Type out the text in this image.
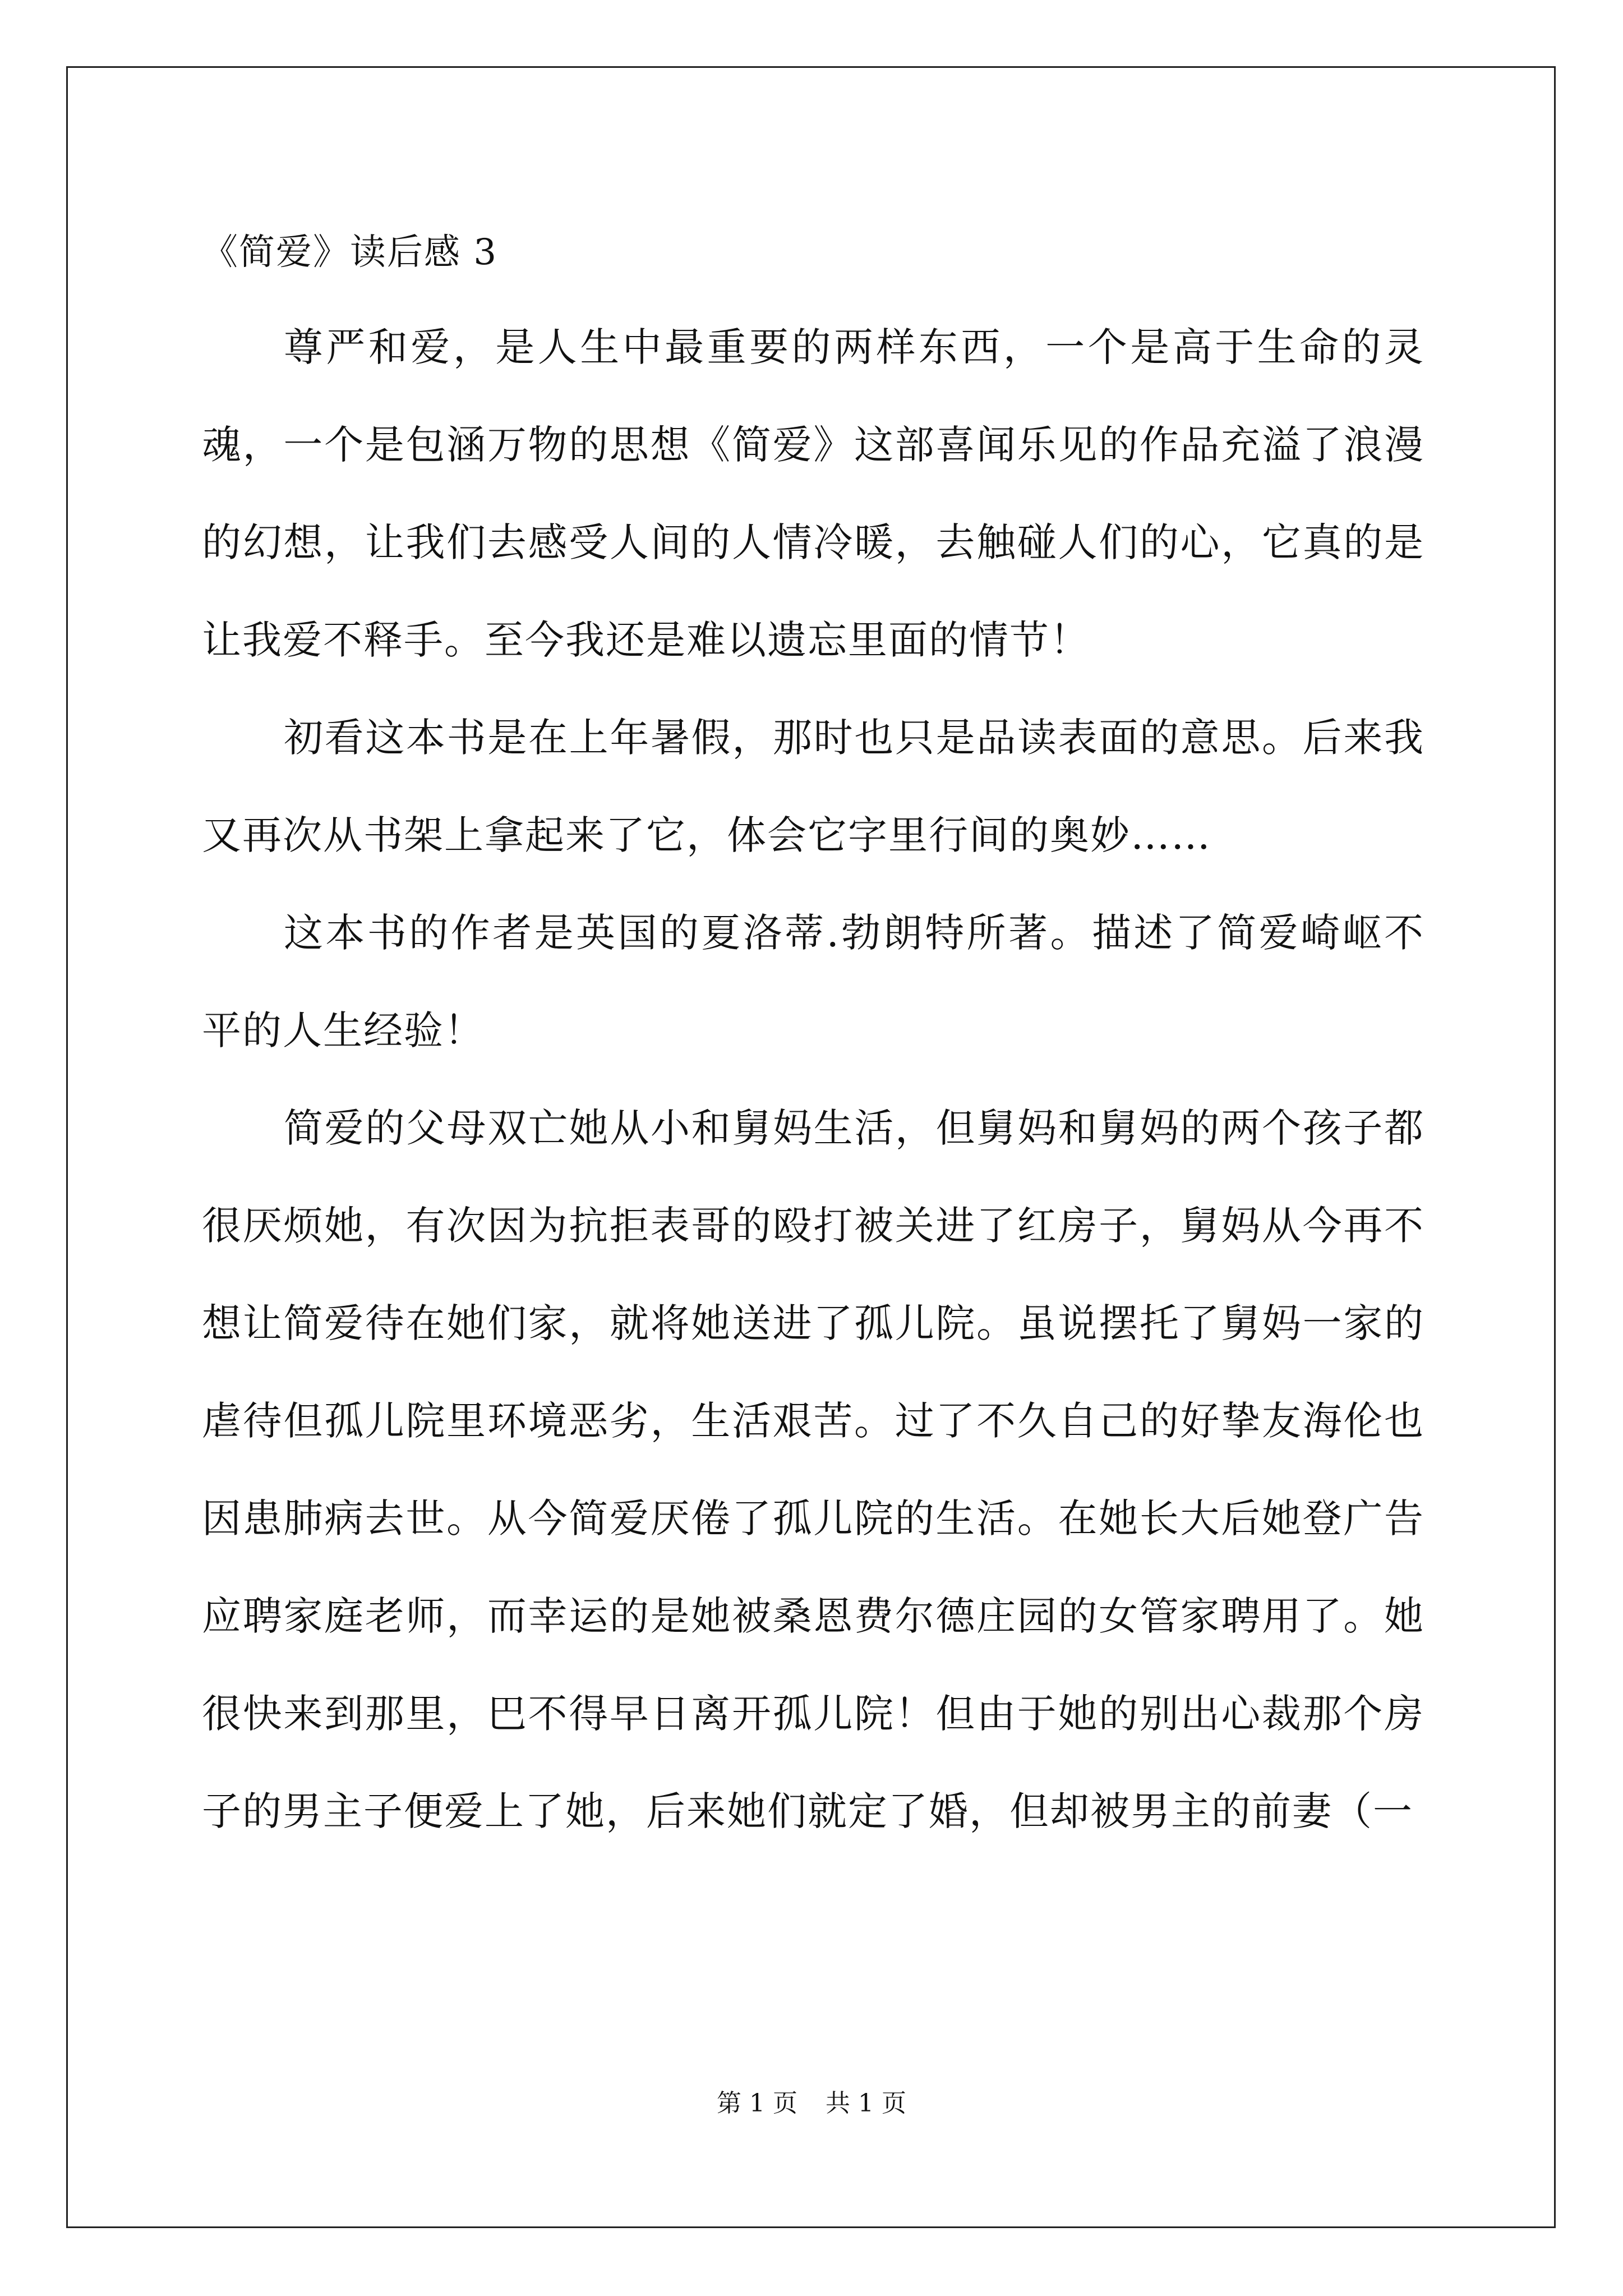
《简爱》读后感 3

尊严和爱，是人生中最重要的两样东西，一个是高于生命的灵魂，一个是包涵万物的思想《简爱》这部喜闻乐见的作品充溢了浪漫的幻想，让我们去感受人间的人情冷暖，去触碰人们的心，它真的是让我爱不释手。至今我还是难以遗忘里面的情节！

初看这本书是在上年暑假，那时也只是品读表面的意思。后来我又再次从书架上拿起来了它，体会它字里行间的奥妙……

这本书的作者是英国的夏洛蒂.勃朗特所著。描述了简爱崎岖不平的人生经验！

简爱的父母双亡她从小和舅妈生活，但舅妈和舅妈的两个孩子都很厌烦她，有次因为抗拒表哥的殴打被关进了红房子，舅妈从今再不想让简爱待在她们家，就将她送进了孤儿院。虽说摆托了舅妈一家的虐待但孤儿院里环境恶劣，生活艰苦。过了不久自己的好挚友海伦也因患肺病去世。从今简爱厌倦了孤儿院的生活。在她长大后她登广告应聘家庭老师，而幸运的是她被桑恩费尔德庄园的女管家聘用了。她很快来到那里，巴不得早日离开孤儿院！但由于她的别出心裁那个房子的男主子便爱上了她，后来她们就定了婚，但却被男主的前妻（一

第 1 页 共 1 页
